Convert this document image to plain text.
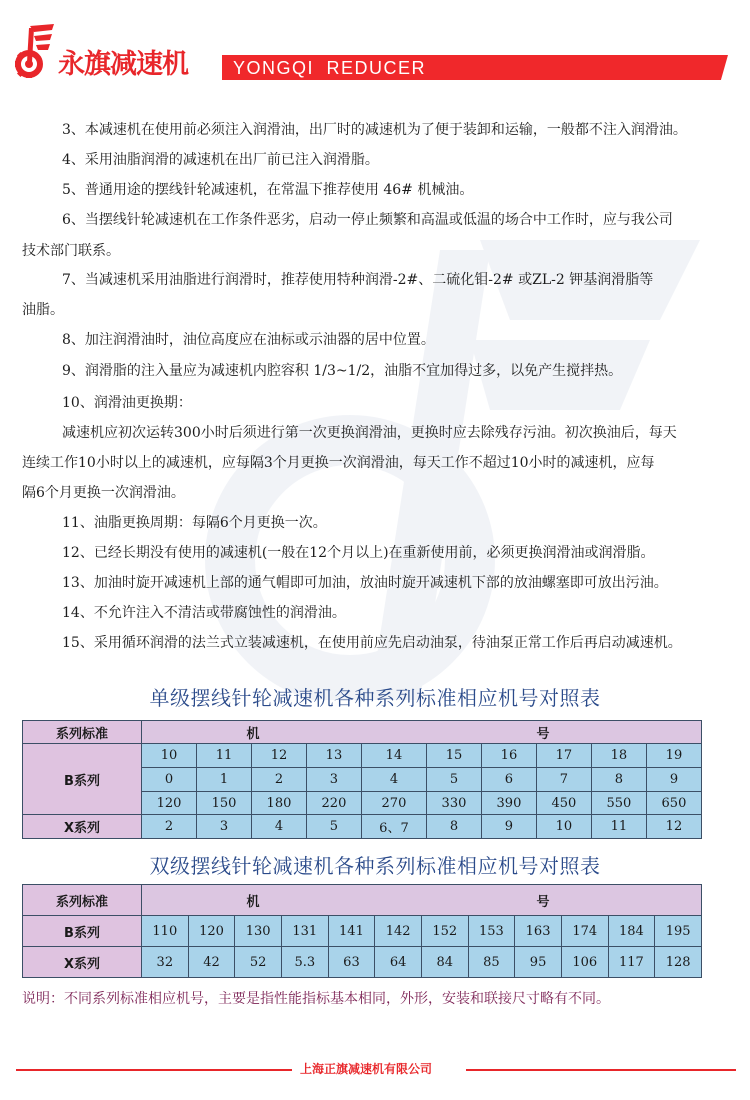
永旗减速机	YONGQI REDUCER
3、本减速机在使用前必须注入润滑油，出厂时的减速机为了便于装卸和运输，一般都不注入润滑油。
4、采用油脂润滑的减速机在出厂前已注入润滑脂。
5、普通用途的摆线针轮减速机，在常温下推荐使用 46# 机械油。
6、当摆线针轮减速机在工作条件恶劣，启动一停止频繁和高温或低温的场合中工作时，应与我公司
技术部门联系。
7、当减速机采用油脂进行润滑时，推荐使用特种润滑-2#、二硫化钼-2# 或ZL-2 钾基润滑脂等
油脂。
8、加注润滑油时，油位高度应在油标或示油器的居中位置。
9、润滑脂的注入量应为减速机内腔容积 1/3~1/2，油脂不宜加得过多，以免产生搅拌热。
10、润滑油更换期：
减速机应初次运转300小时后须进行第一次更换润滑油，更换时应去除残存污油。初次换油后，每天
连续工作10小时以上的减速机，应每隔3个月更换一次润滑油，每天工作不超过10小时的减速机，应每
隔6个月更换一次润滑油。
11、油脂更换周期：每隔6个月更换一次。
12、已经长期没有使用的减速机(一般在12个月以上)在重新使用前，必须更换润滑油或润滑脂。
13、加油时旋开减速机上部的通气帽即可加油，放油时旋开减速机下部的放油螺塞即可放出污油。
14、不允许注入不清洁或带腐蚀性的润滑油。
15、采用循环润滑的法兰式立装减速机，在使用前应先启动油泵，待油泵正常工作后再启动减速机。
单级摆线针轮减速机各种系列标准相应机号对照表
系列标准	机 号									
B系列	10	11	12	13	14	15	16	17	18	19
	0	1	2	3	4	5	6	7	8	9
	120	150	180	220	270	330	390	450	550	650
X系列	2	3	4	5	6、7	8	9	10	11	12
双级摆线针轮减速机各种系列标准相应机号对照表
系列标准	机 号											
B系列	110	120	130	131	141	142	152	153	163	174	184	195
X系列	32	42	52	5.3	63	64	84	85	95	106	117	128
说明：不同系列标准相应机号，主要是指性能指标基本相同，外形，安装和联接尺寸略有不同。
上海正旗减速机有限公司
